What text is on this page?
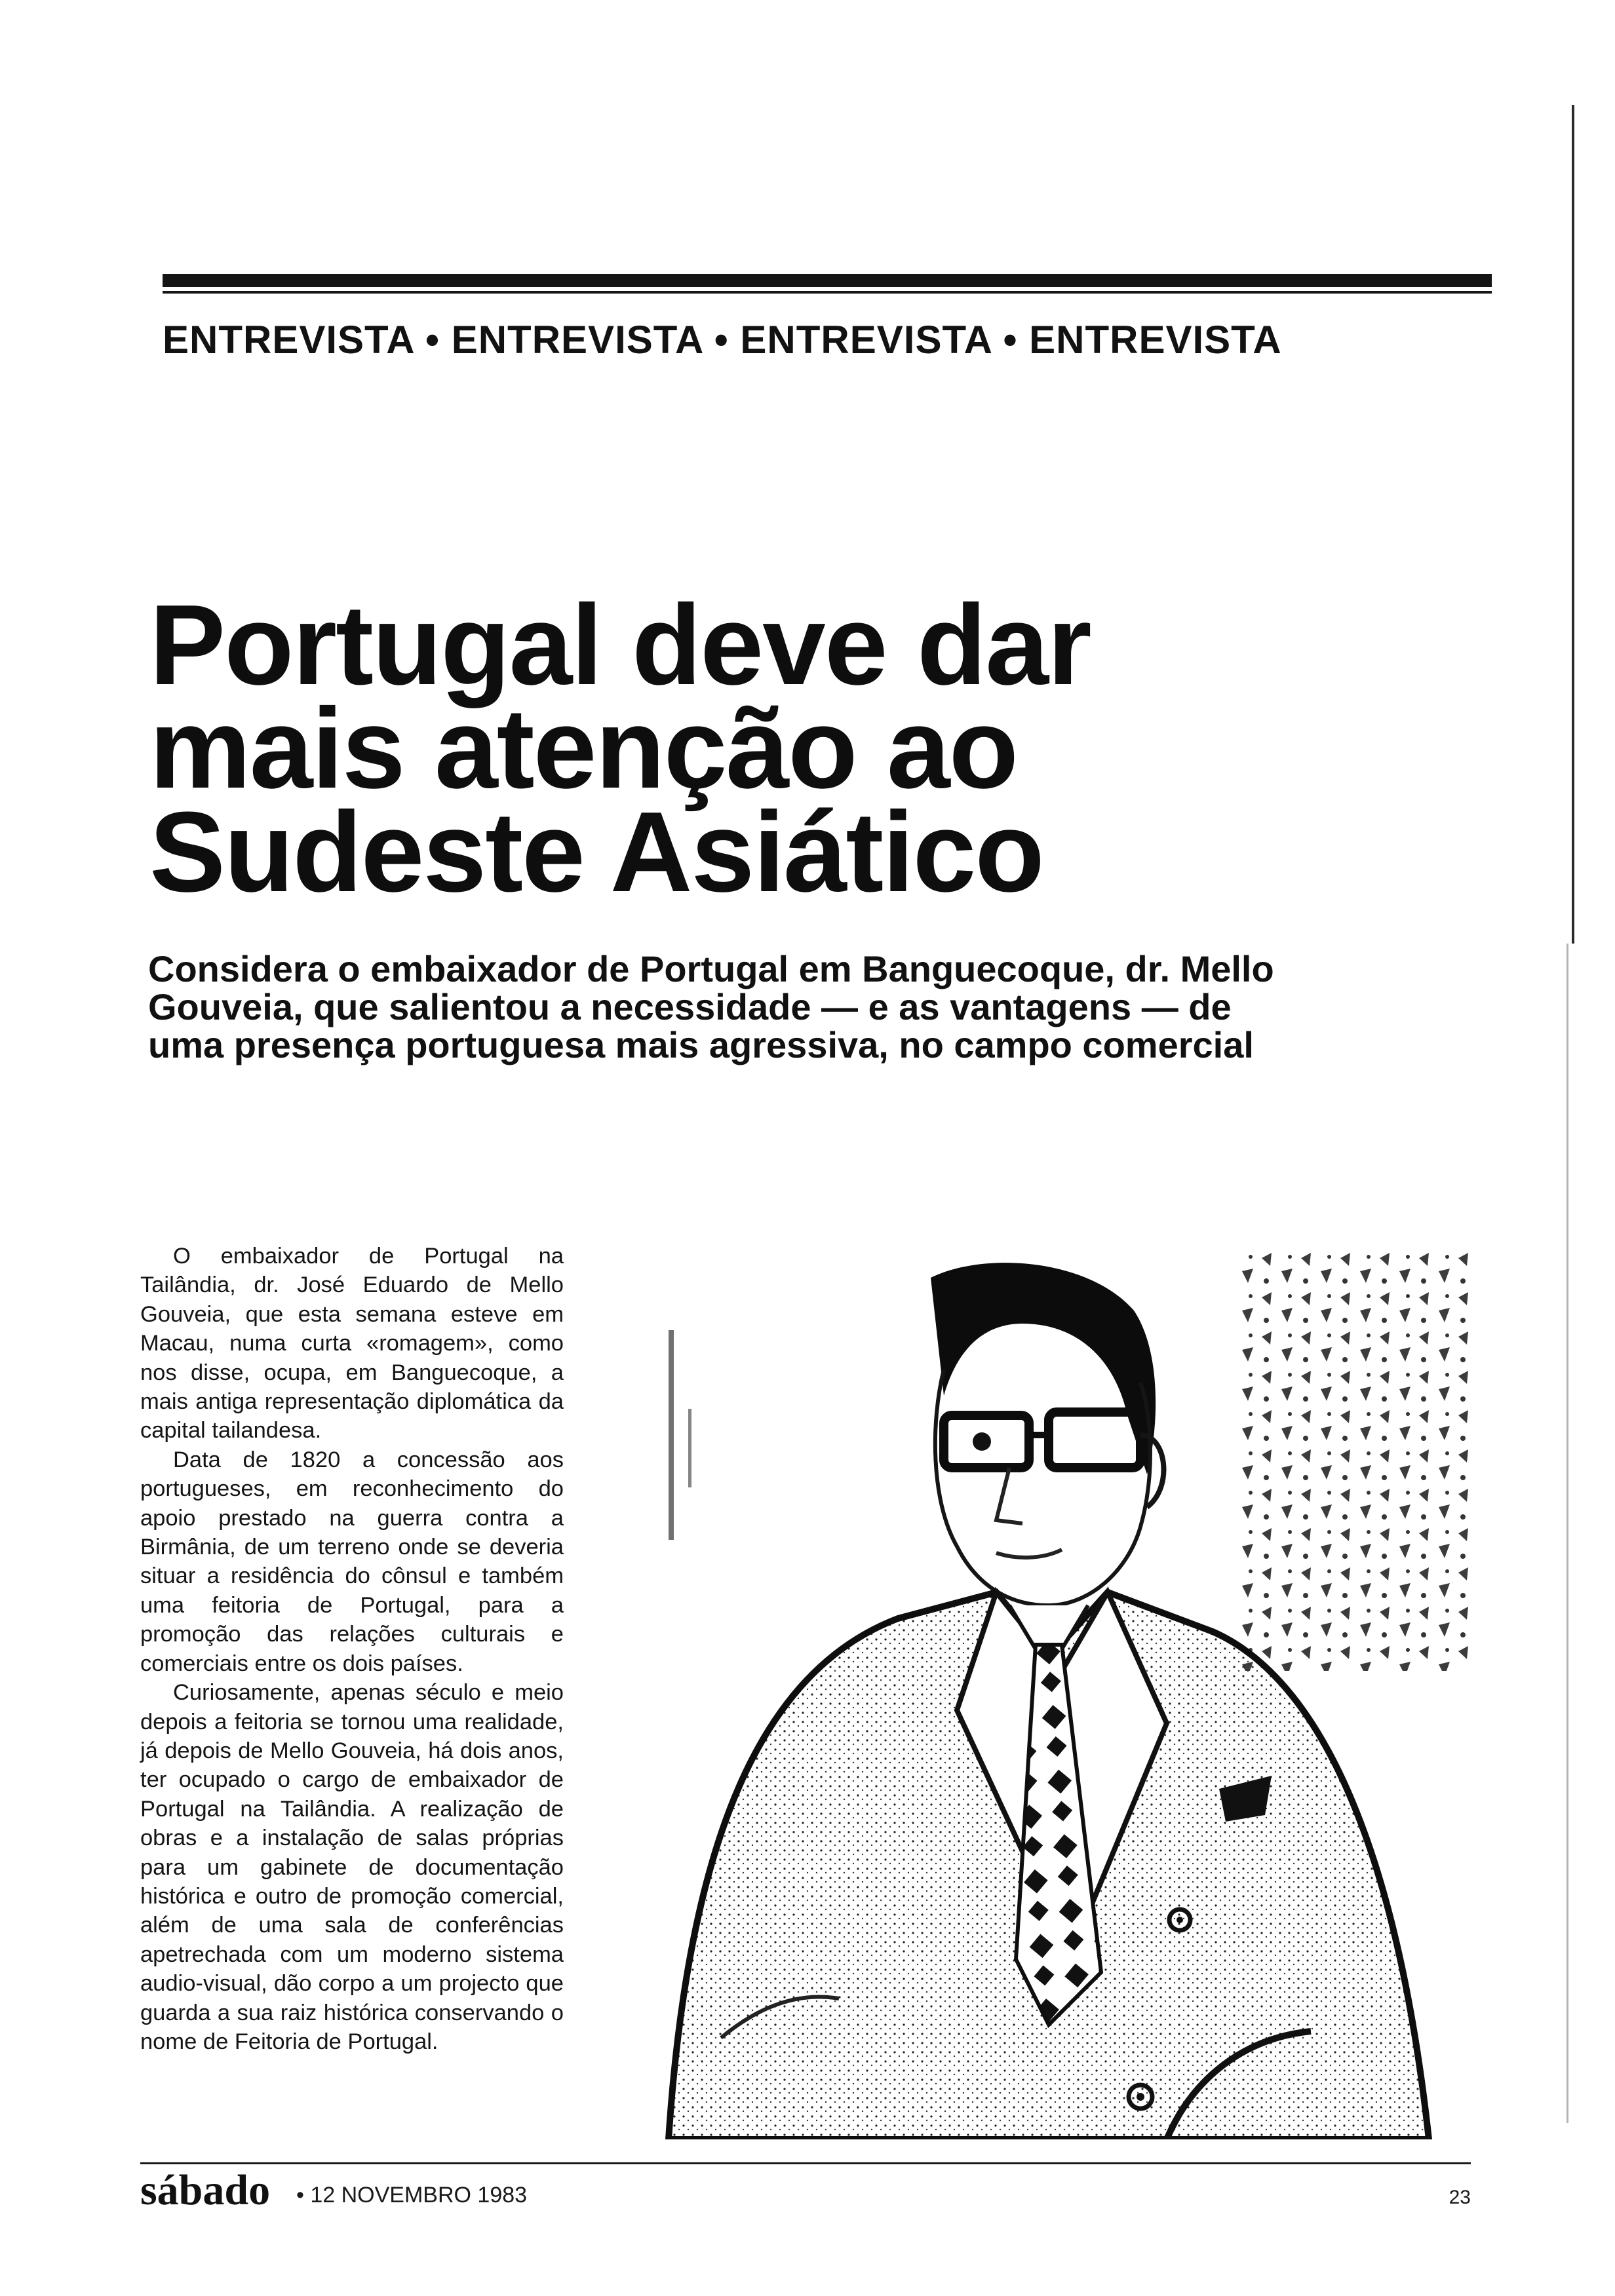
ENTREVISTA • ENTREVISTA • ENTREVISTA • ENTREVISTA
Portugal deve dar
mais atenção ao
Sudeste Asiático

Considera o embaixador de Portugal em Banguecoque, dr. Mello Gouveia, que salientou a necessidade — e as vantagens — de uma presença portuguesa mais agressiva, no campo comercial

O embaixador de Portugal na Tailândia, dr. José Eduardo de Mello Gouveia, que esta semana esteve em Macau, numa curta «romagem», como nos disse, ocupa, em Banguecoque, a mais antiga representação diplomática da capital tailandesa.

Data de 1820 a concessão aos portugueses, em reconhecimento do apoio prestado na guerra contra a Birmânia, de um terreno onde se deveria situar a residência do cônsul e também uma feitoria de Portugal, para a promoção das relações culturais e comerciais entre os dois países.

Curiosamente, apenas século e meio depois a feitoria se tornou uma realidade, já depois de Mello Gouveia, há dois anos, ter ocupado o cargo de embaixador de Portugal na Tailândia. A realização de obras e a instalação de salas próprias para um gabinete de documentação histórica e outro de promoção comercial, além de uma sala de conferências apetrechada com um moderno sistema audio-visual, dão corpo a um projecto que guarda a sua raiz histórica conservando o nome de Feitoria de Portugal.

sábado • 12 NOVEMBRO 1983	23
